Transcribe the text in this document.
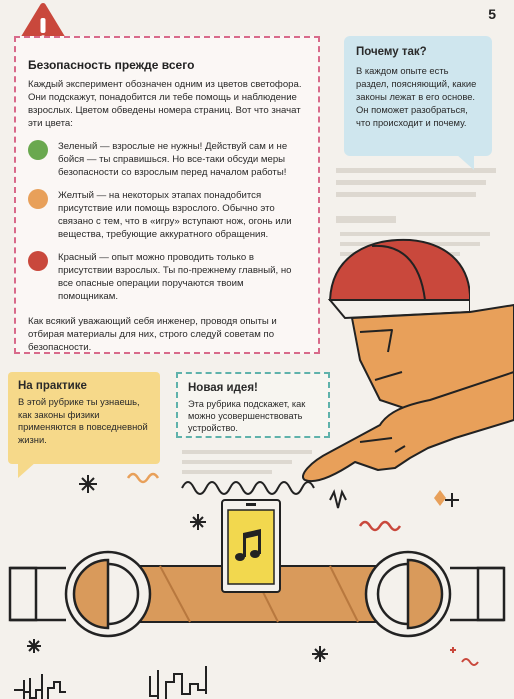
5
Безопасность прежде всего

Каждый эксперимент обозначен одним из цветов светофора. Они подскажут, понадобится ли тебе помощь и наблюдение взрослых. Цветом обведены номера страниц. Вот что значат эти цвета:

Зеленый — взрослые не нужны! Действуй сам и не бойся — ты справишься. Но все-таки обсуди меры безопасности со взрослым перед началом работы!

Желтый — на некоторых этапах понадобится присутствие или помощь взрослого. Обычно это связано с тем, что в «игру» вступают нож, огонь или вещества, требующие аккуратного обращения.

Красный — опыт можно проводить только в присутствии взрослых. Ты по-прежнему главный, но все опасные операции поручаются твоим помощникам.

Как всякий уважающий себя инженер, проводя опыты и отбирая материалы для них, строго следуй советам по безопасности.

Почему так?

В каждом опыте есть раздел, поясняющий, какие законы лежат в его основе. Он поможет разобраться, что происходит и почему.

На практике

В этой рубрике ты узнаешь, как законы физики применяются в повседневной жизни.

Новая идея!

Эта рубрика подскажет, как можно усовершенствовать устройство.
